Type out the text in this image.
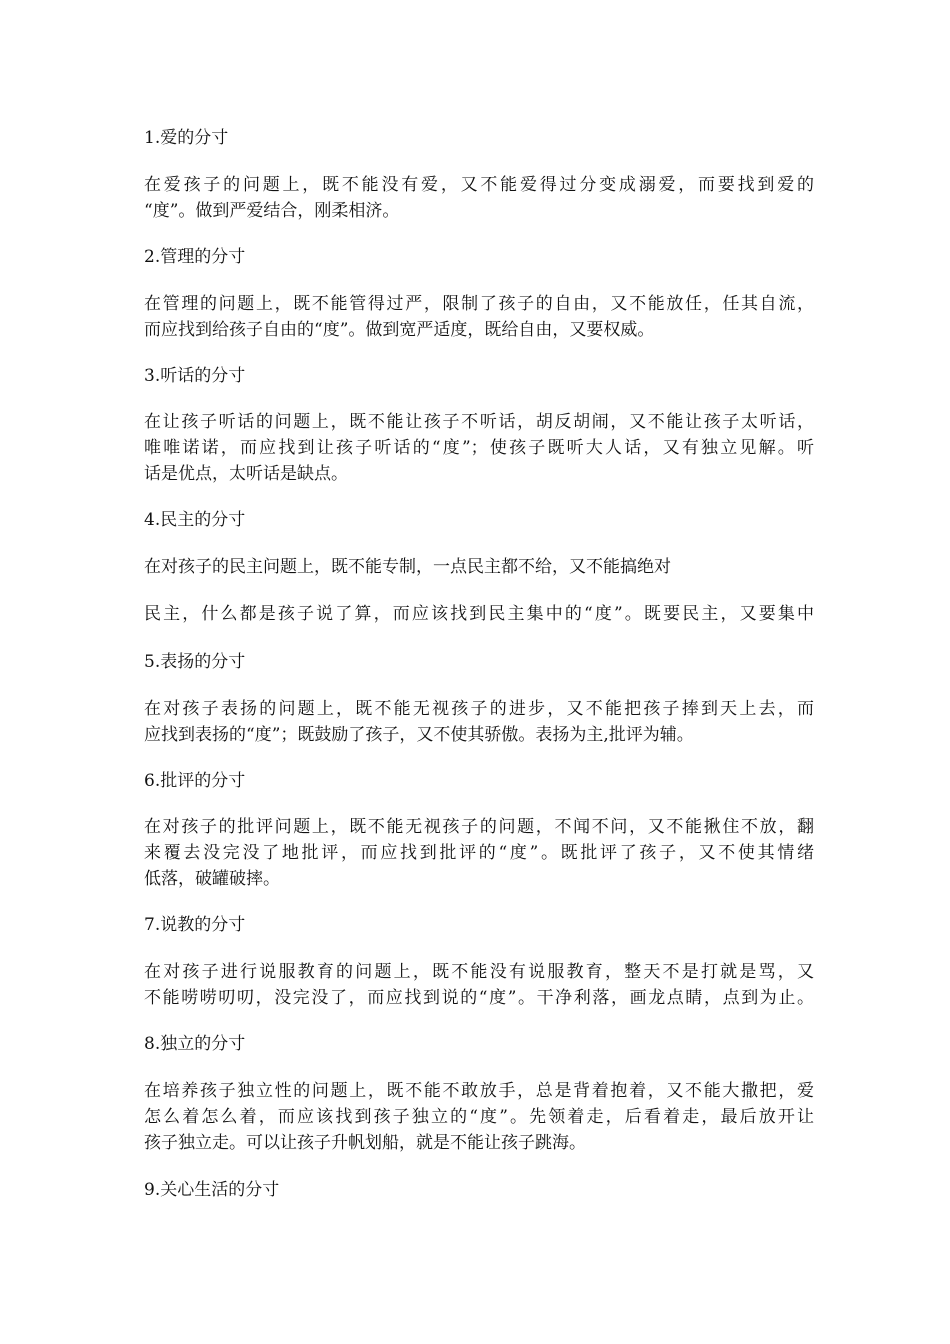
1.爱的分寸
在爱孩子的问题上，既不能没有爱，又不能爱得过分变成溺爱，而要找到爱的
“度”。做到严爱结合，刚柔相济。
2.管理的分寸
在管理的问题上，既不能管得过严，限制了孩子的自由，又不能放任，任其自流，
而应找到给孩子自由的“度”。做到宽严适度，既给自由，又要权威。
3.听话的分寸
在让孩子听话的问题上，既不能让孩子不听话，胡反胡闹，又不能让孩子太听话，
唯唯诺诺，而应找到让孩子听话的“度”；使孩子既听大人话，又有独立见解。听
话是优点，太听话是缺点。
4.民主的分寸
在对孩子的民主问题上，既不能专制，一点民主都不给，又不能搞绝对
民主，什么都是孩子说了算，而应该找到民主集中的“度”。既要民主，又要集中
5.表扬的分寸
在对孩子表扬的问题上，既不能无视孩子的进步，又不能把孩子捧到天上去，而
应找到表扬的“度”；既鼓励了孩子，又不使其骄傲。表扬为主,批评为辅。
6.批评的分寸
在对孩子的批评问题上，既不能无视孩子的问题，不闻不问，又不能揪住不放，翻
来覆去没完没了地批评，而应找到批评的“度”。既批评了孩子，又不使其情绪
低落，破罐破摔。
7.说教的分寸
在对孩子进行说服教育的问题上，既不能没有说服教育，整天不是打就是骂，又
不能唠唠叨叨，没完没了，而应找到说的“度”。干净利落，画龙点睛，点到为止。
8.独立的分寸
在培养孩子独立性的问题上，既不能不敢放手，总是背着抱着，又不能大撒把，爱
怎么着怎么着，而应该找到孩子独立的“度”。先领着走，后看着走，最后放开让
孩子独立走。可以让孩子升帆划船，就是不能让孩子跳海。
9.关心生活的分寸
